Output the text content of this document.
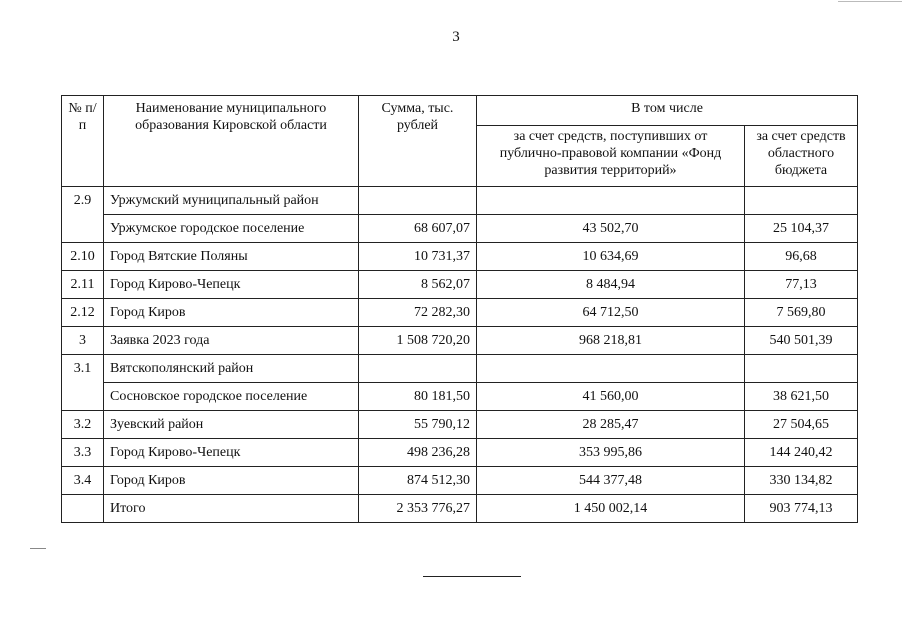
3
№ п/п	Наименование муниципального образования Кировской области	Сумма, тыс. рублей	В том числе	
			за счет средств, поступивших от публично-правовой компании «Фонд развития территорий»	за счет средств областного бюджета
2.9	Уржумский муниципальный район			
	Уржумское городское поселение	68 607,07	43 502,70	25 104,37
2.10	Город Вятские Поляны	10 731,37	10 634,69	96,68
2.11	Город Кирово-Чепецк	8 562,07	8 484,94	77,13
2.12	Город Киров	72 282,30	64 712,50	7 569,80
3	Заявка 2023 года	1 508 720,20	968 218,81	540 501,39
3.1	Вятскополянский район			
	Сосновское городское поселение	80 181,50	41 560,00	38 621,50
3.2	Зуевский район	55 790,12	28 285,47	27 504,65
3.3	Город Кирово-Чепецк	498 236,28	353 995,86	144 240,42
3.4	Город Киров	874 512,30	544 377,48	330 134,82
	Итого	2 353 776,27	1 450 002,14	903 774,13
